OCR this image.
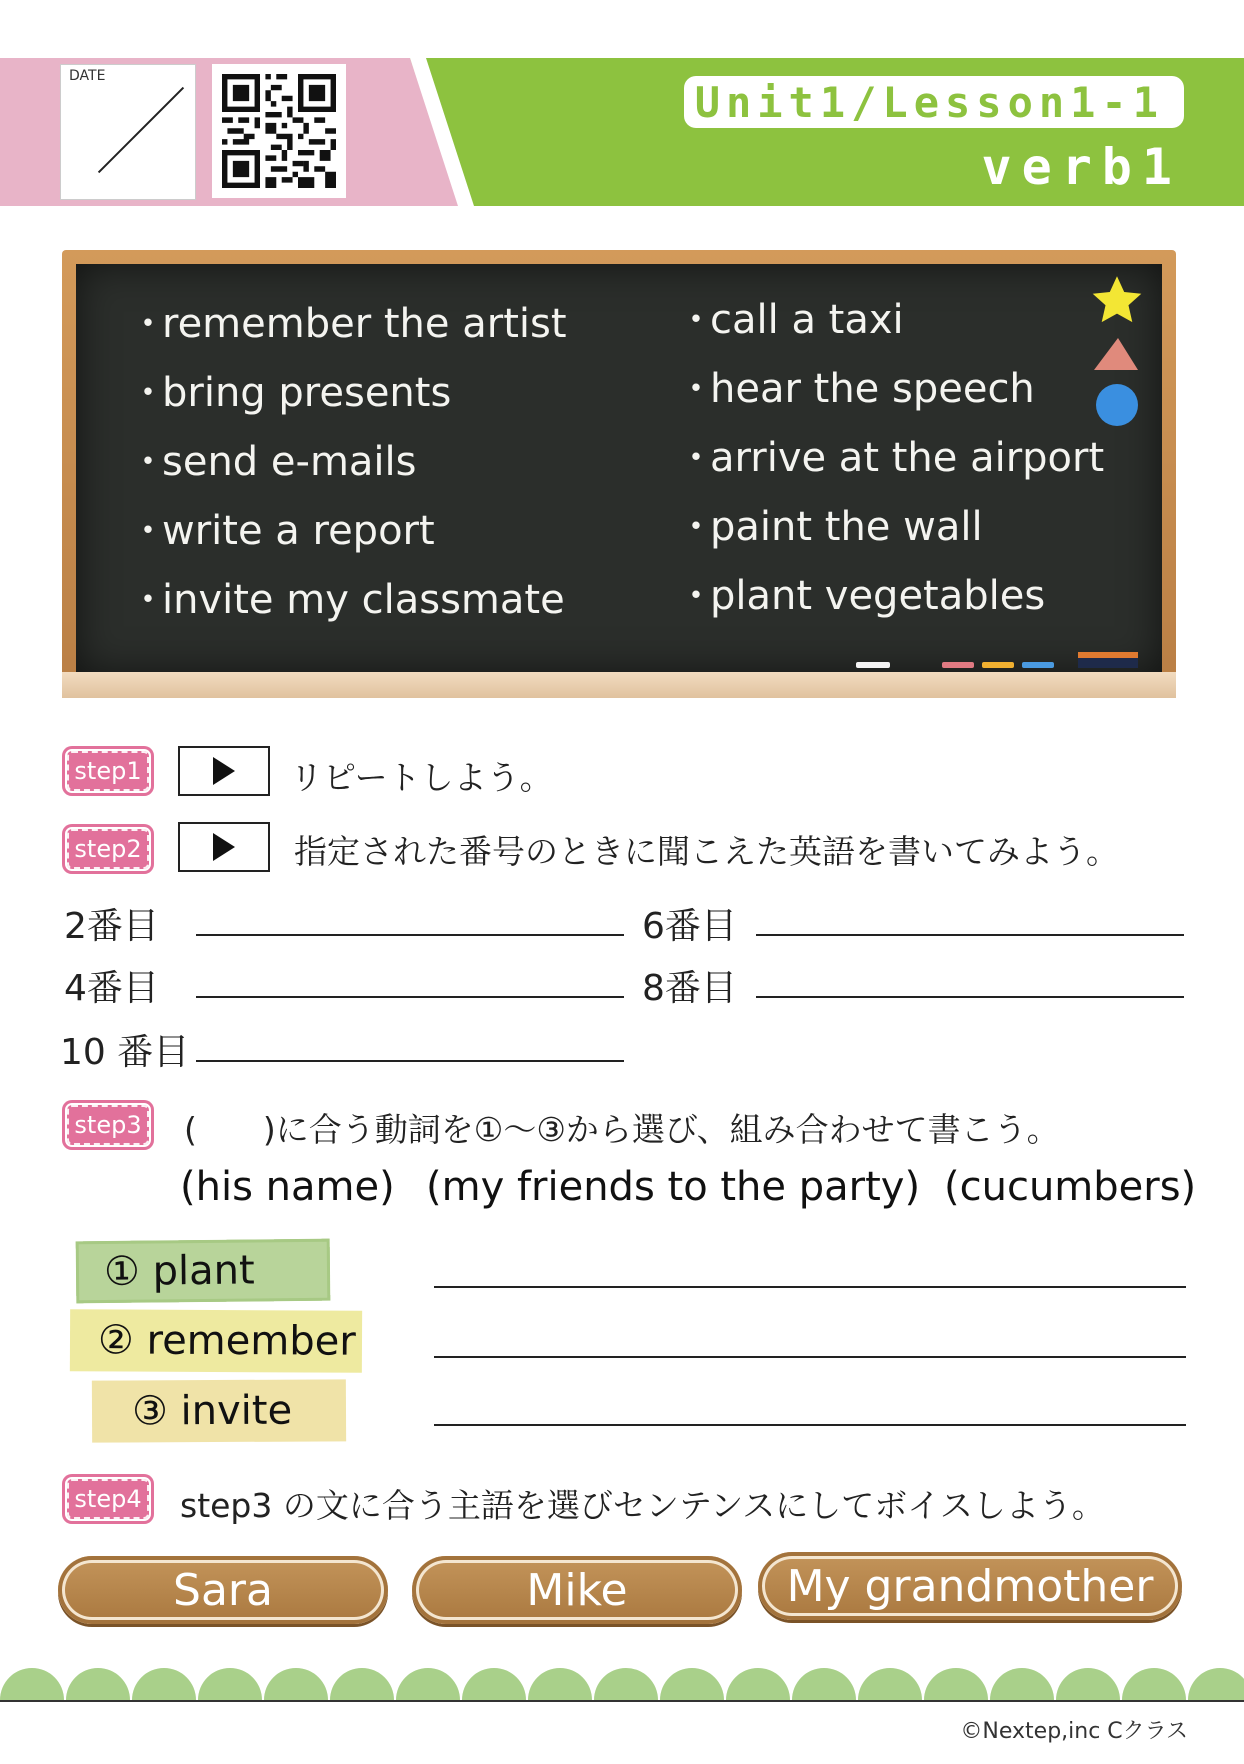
DATE
Unit1/Lesson1-1
verb1
・ remember the artist
・ bring presents
・ send e-mails
・ write a report
・ invite my classmate
・ call a taxi
・ hear the speech
・ arrive at the airport
・ paint the wall
・ plant vegetables
step1	リピートしよう。
step2	指定された番号のときに聞こえた英語を書いてみよう。
2番目	6番目
4番目	8番目
10 番目
step3	(　　)に合う動詞を①～③から選び、組み合わせて書こう。
(his name) (my friends to the party) (cucumbers)
① plant
② remember
③ invite
step4	step3 の文に合う主語を選びセンテンスにしてボイスしよう。
Sara	Mike	My grandmother
©Nextep,inc Cクラス
